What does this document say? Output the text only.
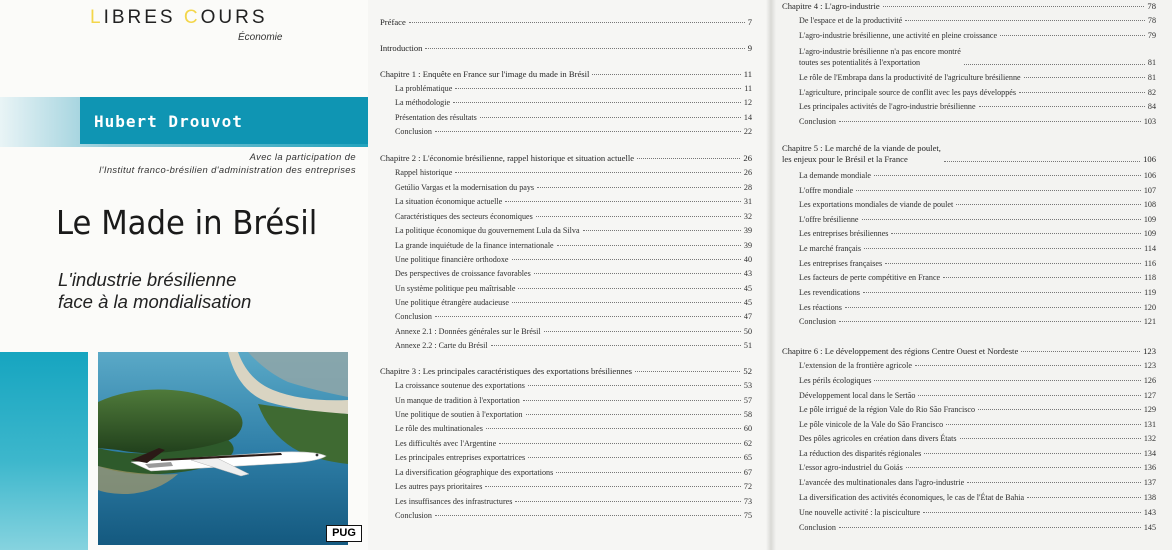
LIBRES COURS
Économie
Hubert Drouvot
Avec la participation de
l'Institut franco-brésilien d'administration des entreprises
Le Made in Brésil
L'industrie brésilienne
face à la mondialisation
PUG
Préface	7
Introduction	9
Chapitre 1 : Enquête en France sur l'image du made in Brésil	11
La problématique	11
La méthodologie	12
Présentation des résultats	14
Conclusion	22
Chapitre 2 : L'économie brésilienne, rappel historique et situation actuelle	26
Rappel historique	26
Getúlio Vargas et la modernisation du pays	28
La situation économique actuelle	31
Caractéristiques des secteurs économiques	32
La politique économique du gouvernement Lula da Silva	39
La grande inquiétude de la finance internationale	39
Une politique financière orthodoxe	40
Des perspectives de croissance favorables	43
Un système politique peu maîtrisable	45
Une politique étrangère audacieuse	45
Conclusion	47
Annexe 2.1 : Données générales sur le Brésil	50
Annexe 2.2 : Carte du Brésil	51
Chapitre 3 : Les principales caractéristiques des exportations brésiliennes	52
La croissance soutenue des exportations	53
Un manque de tradition à l'exportation	57
Une politique de soutien à l'exportation	58
Le rôle des multinationales	60
Les difficultés avec l'Argentine	62
Les principales entreprises exportatrices	65
La diversification géographique des exportations	67
Les autres pays prioritaires	72
Les insuffisances des infrastructures	73
Conclusion	75
Chapitre 4 : L'agro-industrie	78
De l'espace et de la productivité	78
L'agro-industrie brésilienne, une activité en pleine croissance	79
L'agro-industrie brésilienne n'a pas encore montré
toutes ses potentialités à l'exportation	81
Le rôle de l'Embrapa dans la productivité de l'agriculture brésilienne	81
L'agriculture, principale source de conflit avec les pays développés	82
Les principales activités de l'agro-industrie brésilienne	84
Conclusion	103
Chapitre 5 : Le marché de la viande de poulet,
les enjeux pour le Brésil et la France	106
La demande mondiale	106
L'offre mondiale	107
Les exportations mondiales de viande de poulet	108
L'offre brésilienne	109
Les entreprises brésiliennes	109
Le marché français	114
Les entreprises françaises	116
Les facteurs de perte compétitive en France	118
Les revendications	119
Les réactions	120
Conclusion	121
Chapitre 6 : Le développement des régions Centre Ouest et Nordeste	123
L'extension de la frontière agricole	123
Les périls écologiques	126
Développement local dans le Sertão	127
Le pôle irrigué de la région Vale do Rio São Francisco	129
Le pôle vinicole de la Vale do São Francisco	131
Des pôles agricoles en création dans divers États	132
La réduction des disparités régionales	134
L'essor agro-industriel du Goiás	136
L'avancée des multinationales dans l'agro-industrie	137
La diversification des activités économiques, le cas de l'État de Bahia	138
Une nouvelle activité : la pisciculture	143
Conclusion	145
